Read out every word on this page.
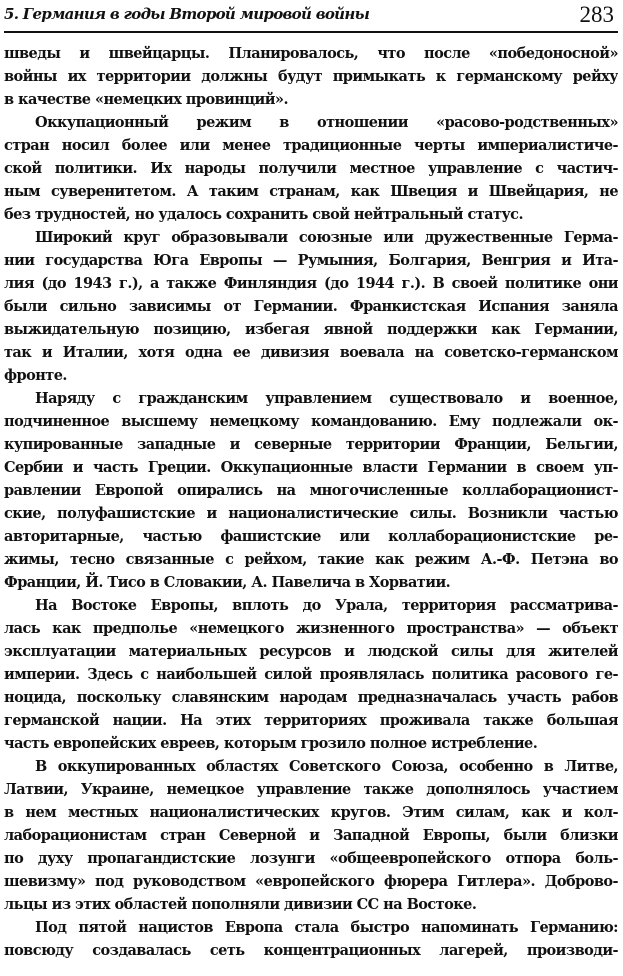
5. Германия в годы Второй мировой войны	283
шведы и швейцарцы. Планировалось, что после «победоносной»
войны их территории должны будут примыкать к германскому рейху
в качестве «немецких провинций».
Оккупационный режим в отношении «расово-родственных»
стран носил более или менее традиционные черты империалистиче-
ской политики. Их народы получили местное управление с частич-
ным суверенитетом. А таким странам, как Швеция и Швейцария, не
без трудностей, но удалось сохранить свой нейтральный статус.
Широкий круг образовывали союзные или дружественные Герма-
нии государства Юга Европы — Румыния, Болгария, Венгрия и Ита-
лия (до 1943 г.), а также Финляндия (до 1944 г.). В своей политике они
были сильно зависимы от Германии. Франкистская Испания заняла
выжидательную позицию, избегая явной поддержки как Германии,
так и Италии, хотя одна ее дивизия воевала на советско-германском
фронте.
Наряду с гражданским управлением существовало и военное,
подчиненное высшему немецкому командованию. Ему подлежали ок-
купированные западные и северные территории Франции, Бельгии,
Сербии и часть Греции. Оккупационные власти Германии в своем уп-
равлении Европой опирались на многочисленные коллаборационист-
ские, полуфашистские и националистические силы. Возникли частью
авторитарные, частью фашистские или коллаборационистские ре-
жимы, тесно связанные с рейхом, такие как режим А.-Ф. Петэна во
Франции, Й. Тисо в Словакии, А. Павелича в Хорватии.
На Востоке Европы, вплоть до Урала, территория рассматрива-
лась как предполье «немецкого жизненного пространства» — объект
эксплуатации материальных ресурсов и людской силы для жителей
империи. Здесь с наибольшей силой проявлялась политика расового ге-
ноцида, поскольку славянским народам предназначалась участь рабов
германской нации. На этих территориях проживала также большая
часть европейских евреев, которым грозило полное истребление.
В оккупированных областях Советского Союза, особенно в Литве,
Латвии, Украине, немецкое управление также дополнялось участием
в нем местных националистических кругов. Этим силам, как и кол-
лаборационистам стран Северной и Западной Европы, были близки
по духу пропагандистские лозунги «общеевропейского отпора боль-
шевизму» под руководством «европейского фюрера Гитлера». Доброво-
льцы из этих областей пополняли дивизии СС на Востоке.
Под пятой нацистов Европа стала быстро напоминать Германию:
повсюду создавалась сеть концентрационных лагерей, производи-
